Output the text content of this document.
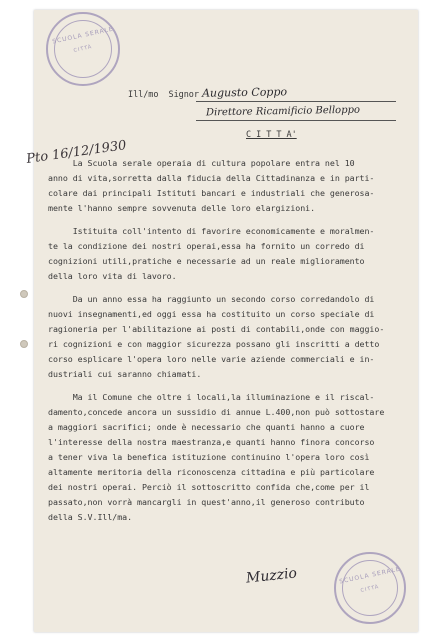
SCUOLA SERALE
CITTÀ
Pto 16/12/1930
Ill/mo  Signor Augusto Coppo
Direttore Ricamificio Belloppo
C I T T A'
La Scuola serale operaia di cultura popolare entra nel 10
anno di vita,sorretta dalla fiducia della Cittadinanza e in parti-
colare dai principali Istituti bancari e industriali che generosa-
mente l'hanno sempre sovvenuta delle loro elargizioni.
Istituita coll'intento di favorire economicamente e moralmen-
te la condizione dei nostri operai,essa ha fornito un corredo di
cognizioni utili,pratiche e necessarie ad un reale miglioramento
della loro vita di lavoro.
Da un anno essa ha raggiunto un secondo corso corredandolo di
nuovi insegnamenti,ed oggi essa ha costituito un corso speciale di
ragioneria per l'abilitazione ai posti di contabili,onde con maggio-
ri cognizioni e con maggior sicurezza possano gli inscritti a detto
corso esplicare l'opera loro nelle varie aziende commerciali e in-
dustriali cui saranno chiamati.
Ma il Comune che oltre i locali,la illuminazione e il riscal-
damento,concede ancora un sussidio di annue L.400,non può sottostare
a maggiori sacrifici; onde è necessario che quanti hanno a cuore
l'interesse della nostra maestranza,e quanti hanno finora concorso
a tener viva la benefica istituzione continuino l'opera loro così
altamente meritoria della riconoscenza cittadina e più particolare
dei nostri operai. Perciò il sottoscritto confida che,come per il
passato,non vorrà mancargli in quest'anno,il generoso contributo
della S.V.Ill/ma.
Muzzio	SCUOLA SERALE
CITTÀ
